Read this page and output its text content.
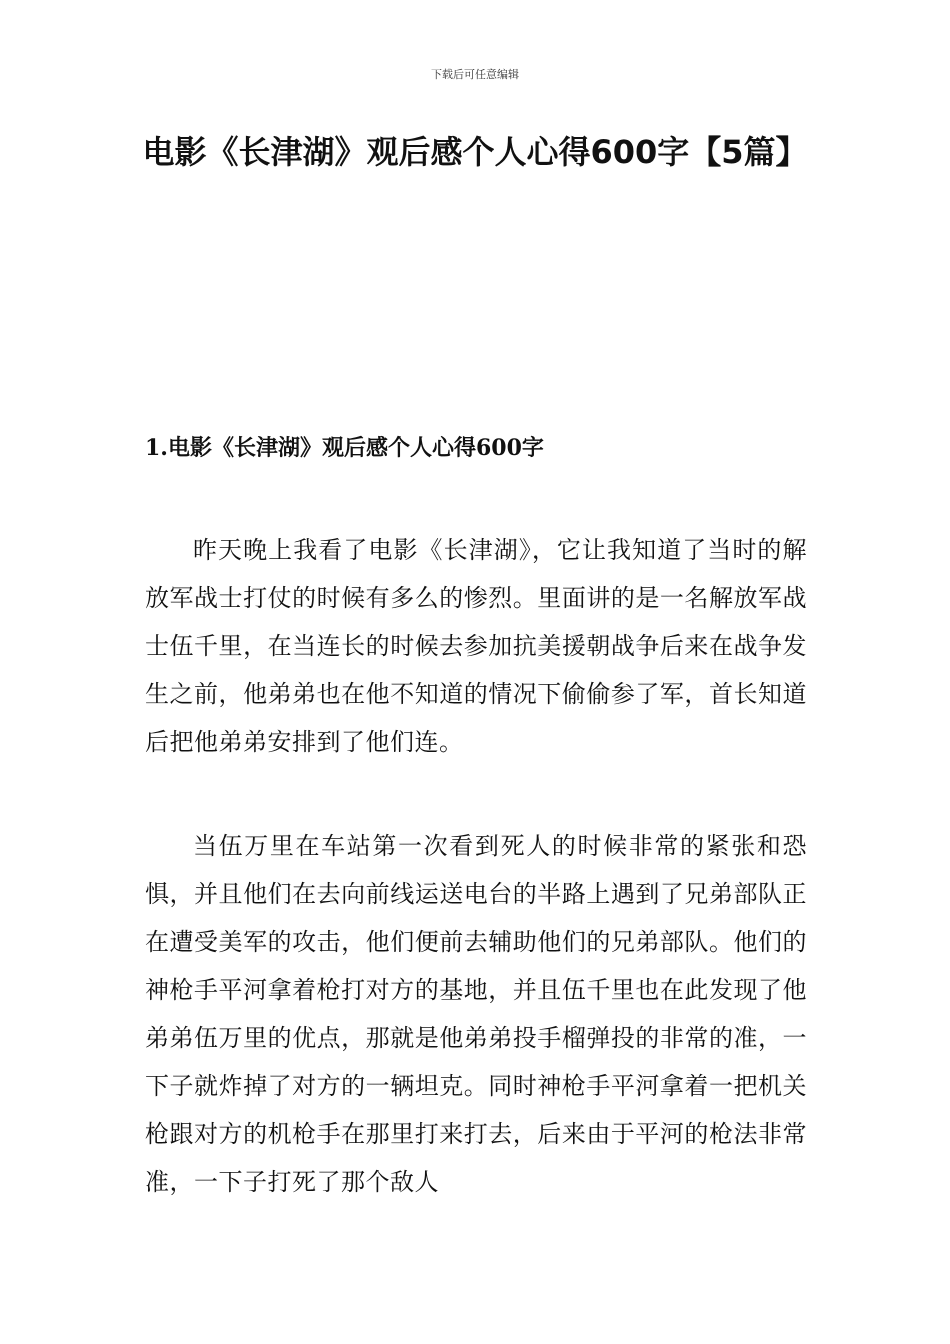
下载后可任意编辑
电影《长津湖》观后感个人心得600字【5篇】
1.电影《长津湖》观后感个人心得600字

昨天晚上我看了电影《长津湖》，它让我知道了当时的解放军战士打仗的时候有多么的惨烈。里面讲的是一名解放军战士伍千里，在当连长的时候去参加抗美援朝战争后来在战争发生之前，他弟弟也在他不知道的情况下偷偷参了军，首长知道后把他弟弟安排到了他们连。

当伍万里在车站第一次看到死人的时候非常的紧张和恐惧，并且他们在去向前线运送电台的半路上遇到了兄弟部队正在遭受美军的攻击，他们便前去辅助他们的兄弟部队。他们的神枪手平河拿着枪打对方的基地，并且伍千里也在此发现了他弟弟伍万里的优点，那就是他弟弟投手榴弹投的非常的准，一下子就炸掉了对方的一辆坦克。同时神枪手平河拿着一把机关枪跟对方的机枪手在那里打来打去，后来由于平河的枪法非常准，一下子打死了那个敌人
